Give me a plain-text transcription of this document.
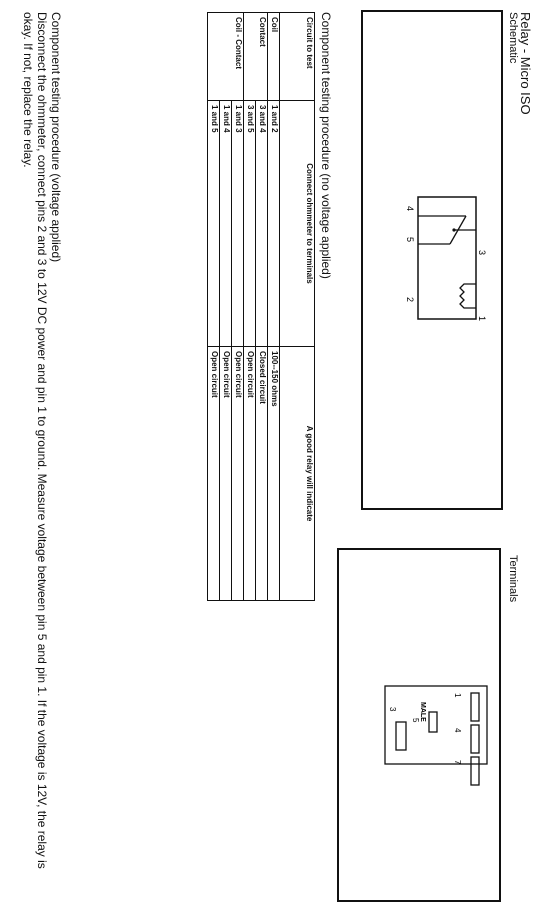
Relay - Micro ISO
Schematic
Terminals
3
1
4
5
2
1
4
7
5
3	MALE
Component testing procedure (no voltage applied)
Circuit to test	Connect ohmmeter to terminals	A good relay will indicate
Coil	1 and 2	100--150 ohms
Contact	3 and 4	Closed circuit
	3 and 5	Open circuit
Coil - Contact	1 and 3	Open circuit
	1 and 4	Open circuit
	1 and 5	Open circuit
Component testing procedure (voltage applied)
Disconnect the ohmmeter, connect pins 2 and 3 to 12V DC power and pin 1 to ground. Measure voltage between pin 5 and pin 1. If the voltage is 12V, the relay is okay. If not, replace the relay.
